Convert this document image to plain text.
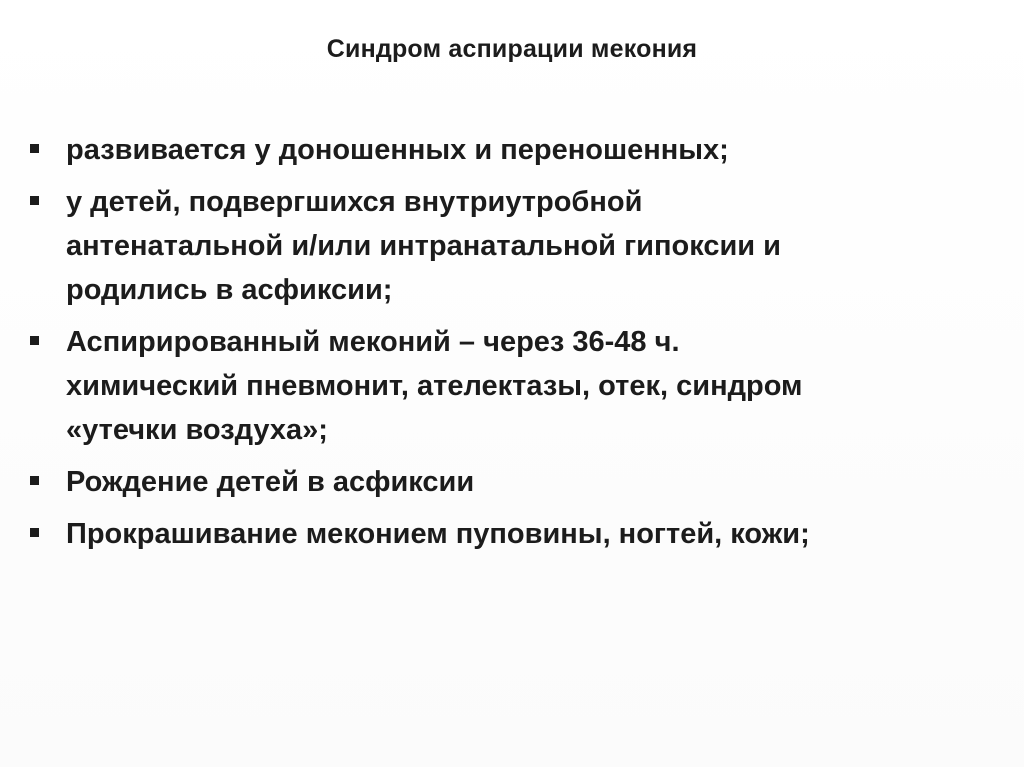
Синдром аспирации мекония
развивается у доношенных и переношенных;
у детей, подвергшихся внутриутробной
антенатальной и/или интранатальной гипоксии и
родились в асфиксии;
Аспирированный меконий – через 36-48 ч.
химический пневмонит, ателектазы, отек, синдром
«утечки воздуха»;
Рождение детей в асфиксии
Прокрашивание меконием пуповины, ногтей, кожи;
